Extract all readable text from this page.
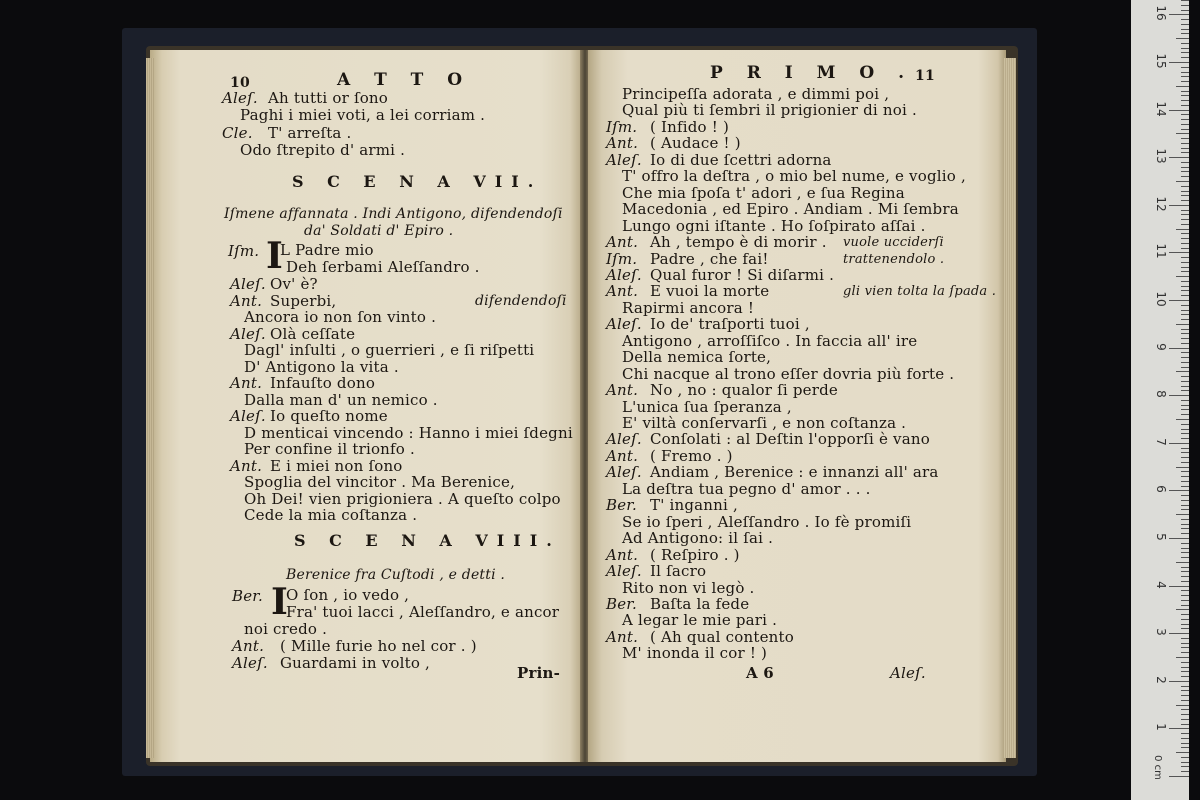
10	A T T O
Aleſ. Ah tutti or ſono
Paghi i miei voti, a lei corriam .
Cle. T' arreſta .
Odo ſtrepito d' armi .
S C E N A VII.
Iſmene affannata . Indi Antigono, difendendoſi
da' Soldati d' Epiro .
Iſm. I
L Padre mio
Deh ſerbami Aleſſandro .
Aleſ. Ov' è?
Ant. Superbi,	difendendoſi
Ancora io non ſon vinto .
Aleſ. Olà ceſſate
Dagl' inſulti , o guerrieri , e ſi riſpetti
D' Antigono la vita .
Ant. Infauſto dono
Dalla man d' un nemico .
Aleſ. Io queſto nome
D menticai vincendo : Hanno i miei ſdegni
Per confine il trionfo .
Ant. E i miei non ſono
Spoglia del vincitor . Ma Berenice,
Oh Dei! vien prigioniera . A queſto colpo
Cede la mia coſtanza .
S C E N A VIII.
Berenice fra Cuſtodi , e detti .
Ber. I
O ſon , io vedo ,
Fra' tuoi lacci , Aleſſandro, e ancor
noi credo .
Ant. ( Mille furie ho nel cor . )
Aleſ. Guardami in volto ,
Prin-
P R I M O . 11
Principeſſa adorata , e dimmi poi ,
Qual più ti ſembri il prigionier di noi .
Iſm. ( Infido ! )
Ant. ( Audace ! )
Aleſ. Io di due ſcettri adorna
T' offro la deſtra , o mio bel nume, e voglio ,
Che mia ſpoſa t' adori , e ſua Regina
Macedonia , ed Epiro . Andiam . Mi ſembra
Lungo ogni iſtante . Ho ſoſpirato aſſai .
Ant. Ah , tempo è di morir . vuole ucciderſi
Iſm. Padre , che fai!	trattenendolo .
Aleſ. Qual furor ! Si diſarmi .
Ant. E vuoi la morte	gli vien tolta la ſpada .
Rapirmi ancora !
Aleſ. Io de' traſporti tuoi ,
Antigono , arroſſiſco . In faccia all' ire
Della nemica ſorte,
Chi nacque al trono eſſer dovria più forte .
Ant. No , no : qualor ſi perde
L'unica ſua ſperanza ,
E' viltà conſervarſi , e non coſtanza .
Aleſ. Conſolati : al Deſtin l'opporſi è vano
Ant. ( Fremo . )
Aleſ. Andiam , Berenice : e innanzi all' ara
La deſtra tua pegno d' amor . . .
Ber. T' inganni ,
Se io ſperi , Aleſſandro . Io fè promiſi
Ad Antigono: il ſai .
Ant. ( Reſpiro . )
Aleſ. Il ſacro
Rito non vi legò .
Ber. Baſta la fede
A legar le mie pari .
Ant. ( Ah qual contento
M' inonda il cor ! )
A 6	Aleſ.
0 cm
1
2
3
4
5
6
7
8
9
10
11
12
13
14
15
16
